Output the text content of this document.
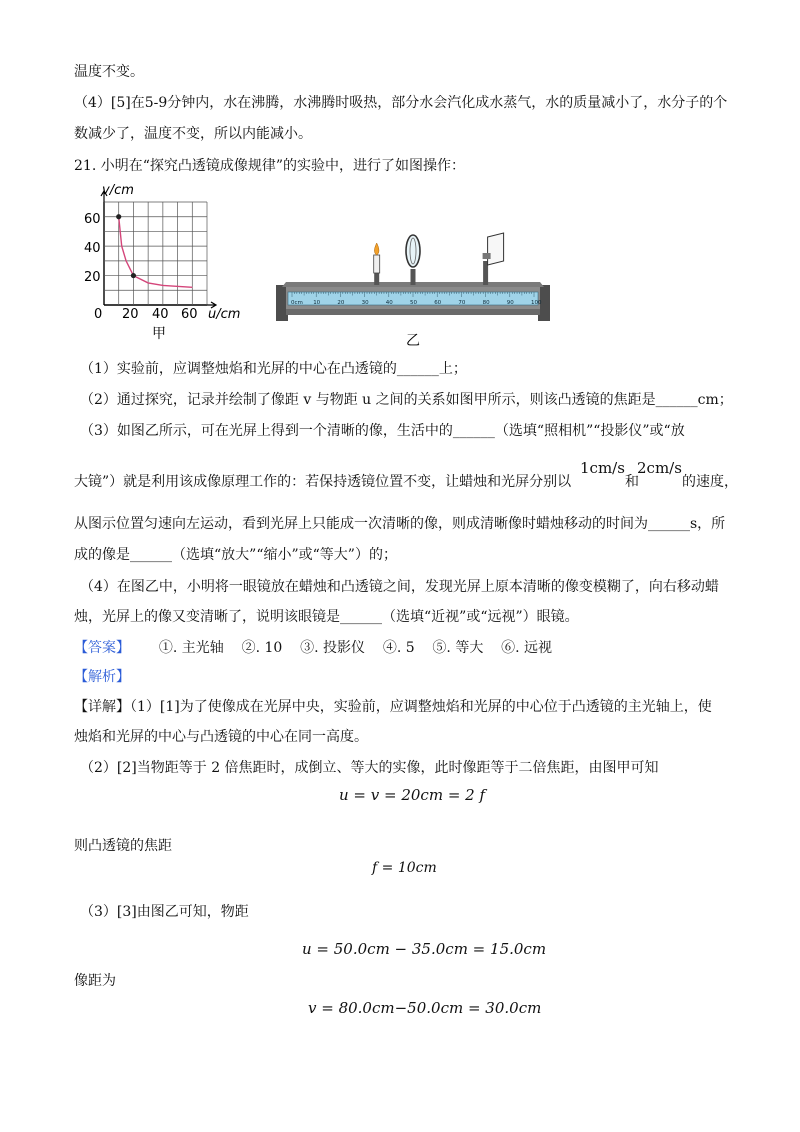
温度不变。
（4）[5]在5-9分钟内，水在沸腾，水沸腾时吸热，部分水会汽化成水蒸气，水的质量减小了，水分子的个
数减少了，温度不变，所以内能减小。
21. 小明在“探究凸透镜成像规律”的实验中，进行了如图操作：
v/cm
u/cm
60
40
20
0 20 40 60
甲
0cm 10	20	30	40	50	60	70	80	90	100
乙
（1）实验前，应调整烛焰和光屏的中心在凸透镜的______上；
（2）通过探究，记录并绘制了像距 v 与物距 u 之间的关系如图甲所示，则该凸透镜的焦距是______cm；
（3）如图乙所示，可在光屏上得到一个清晰的像，生活中的______（选填“照相机”“投影仪”或“放
大镜”）就是利用该成像原理工作的：若保持透镜位置不变，让蜡烛和光屏分别以
1cm/s
和
2cm/s
的速度，
从图示位置匀速向左运动，看到光屏上只能成一次清晰的像，则成清晰像时蜡烛移动的时间为______s，所
成的像是______（选填“放大”“缩小”或“等大”）的；
（4）在图乙中，小明将一眼镜放在蜡烛和凸透镜之间，发现光屏上原本清晰的像变模糊了，向右移动蜡
烛，光屏上的像又变清晰了，说明该眼镜是______（选填“近视”或“远视”）眼镜。
【答案】 ①. 主光轴    ②. 10    ③. 投影仪    ④. 5    ⑤. 等大    ⑥. 远视
【解析】
【详解】（1）[1]为了使像成在光屏中央，实验前，应调整烛焰和光屏的中心位于凸透镜的主光轴上，使
烛焰和光屏的中心与凸透镜的中心在同一高度。
（2）[2]当物距等于 2 倍焦距时，成倒立、等大的实像，此时像距等于二倍焦距，由图甲可知
u = v = 20cm = 2 f
则凸透镜的焦距
f = 10cm
（3）[3]由图乙可知，物距
u = 50.0cm − 35.0cm = 15.0cm
像距为
v = 80.0cm−50.0cm = 30.0cm
